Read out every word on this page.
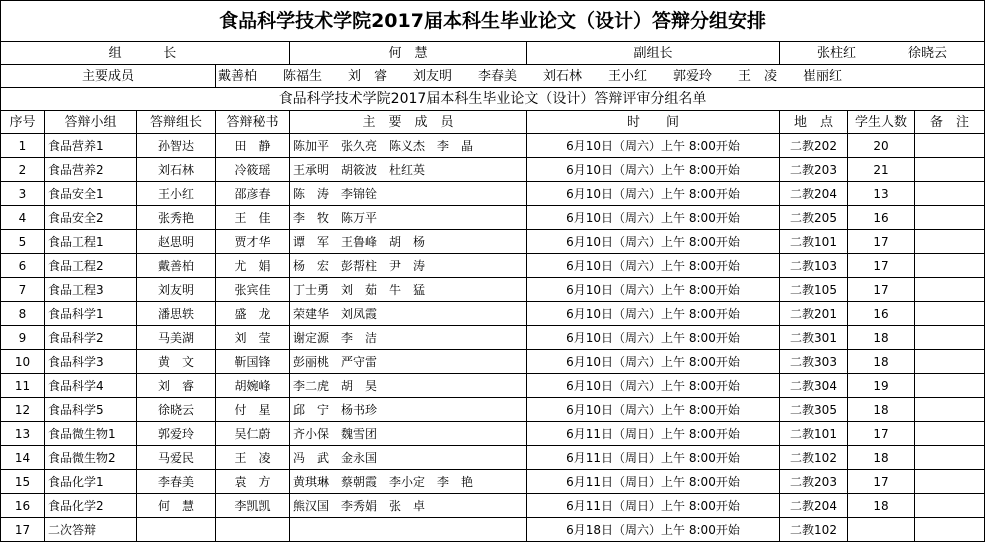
食品科学技术学院2017届本科生毕业论文（设计）答辩分组安排								
组　　长				何　慧	副组长	张柱红　　　　徐晓云		
主要成员			戴善柏　　陈福生　　刘　睿　　刘友明　　李春美　　刘石林　　王小红　　郭爱玲　　王　凌　　崔丽红					
食品科学技术学院2017届本科生毕业论文（设计）答辩评审分组名单								
序号	答辩小组	答辩组长	答辩秘书	主　要　成　员	时　　间	地　点	学生人数	备　注
1	食品营养1	孙智达	田　静	陈加平　张久亮　陈义杰　李　晶	6月10日（周六）上午 8:00开始	二教202	20	
2	食品营养2	刘石林	冷筱瑶	王承明　胡筱波　杜红英	6月10日（周六）上午 8:00开始	二教203	21	
3	食品安全1	王小红	邵彦春	陈　涛　李锦铨	6月10日（周六）上午 8:00开始	二教204	13	
4	食品安全2	张秀艳	王　佳	李　牧　陈万平	6月10日（周六）上午 8:00开始	二教205	16	
5	食品工程1	赵思明	贾才华	谭　军　王鲁峰　胡　杨	6月10日（周六）上午 8:00开始	二教101	17	
6	食品工程2	戴善柏	尤　娟	杨　宏　彭帮柱　尹　涛	6月10日（周六）上午 8:00开始	二教103	17	
7	食品工程3	刘友明	张宾佳	丁士勇　刘　茹　牛　猛	6月10日（周六）上午 8:00开始	二教105	17	
8	食品科学1	潘思轶	盛　龙	荣建华　刘凤霞	6月10日（周六）上午 8:00开始	二教201	16	
9	食品科学2	马美湖	刘　莹	谢定源　李　洁	6月10日（周六）上午 8:00开始	二教301	18	
10	食品科学3	黄　文	靳国锋	彭丽桃　严守雷	6月10日（周六）上午 8:00开始	二教303	18	
11	食品科学4	刘　睿	胡婉峰	李二虎　胡　昊	6月10日（周六）上午 8:00开始	二教304	19	
12	食品科学5	徐晓云	付　星	邱　宁　杨书珍	6月10日（周六）上午 8:00开始	二教305	18	
13	食品微生物1	郭爱玲	吴仁蔚	齐小保　魏雪团	6月11日（周日）上午 8:00开始	二教101	17	
14	食品微生物2	马爱民	王　凌	冯　武　金永国	6月11日（周日）上午 8:00开始	二教102	18	
15	食品化学1	李春美	袁　方	黄琪琳　蔡朝霞　李小定　李　艳	6月11日（周日）上午 8:00开始	二教203	17	
16	食品化学2	何　慧	李凯凯	熊汉国　李秀娟　张　卓	6月11日（周日）上午 8:00开始	二教204	18	
17	二次答辩				6月18日（周六）上午 8:00开始	二教102		
